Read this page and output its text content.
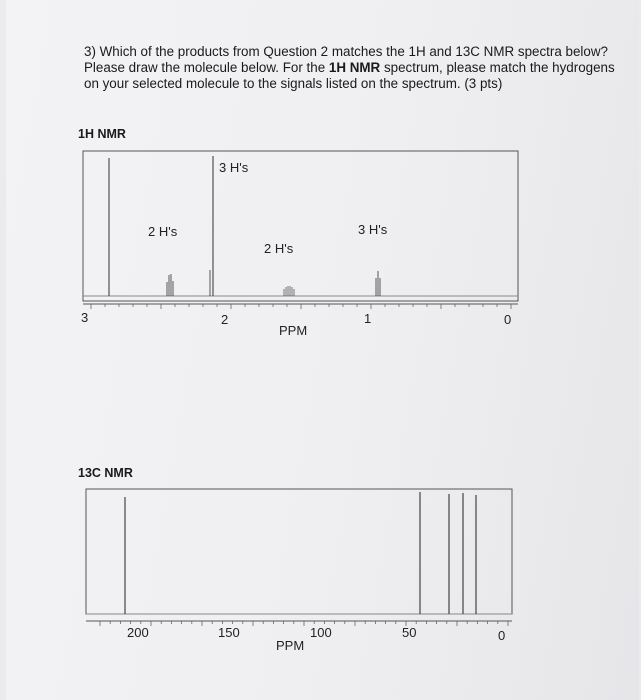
3) Which of the products from Question 2 matches the 1H and 13C NMR spectra below? Please draw the molecule below. For the 1H NMR spectrum, please match the hydrogens on your selected molecule to the signals listed on the spectrum. (3 pts)
1H NMR
2 H's
3 H's
2 H's
3 H's
3	2	1	0
PPM
13C NMR
200	150	100	50	0
PPM
